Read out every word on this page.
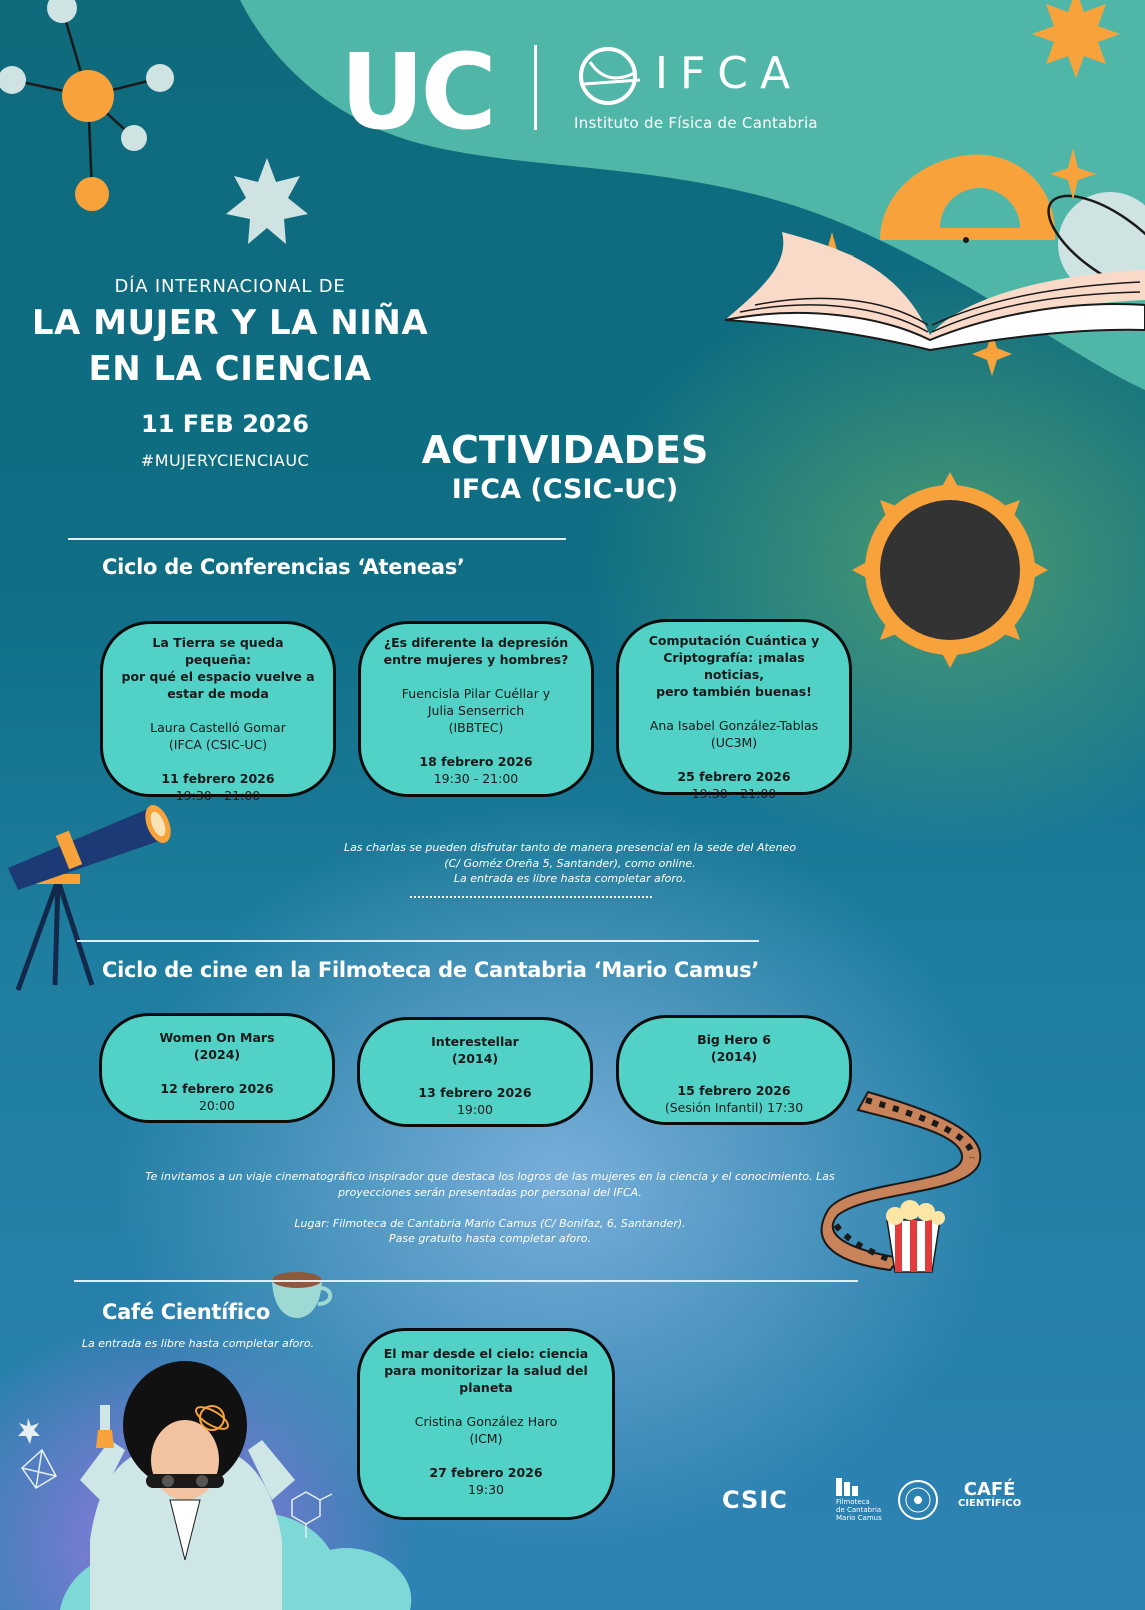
UC	IFCA
Instituto de Física de Cantabria
DÍA INTERNACIONAL DE
LA MUJER Y LA NIÑA
EN LA CIENCIA
11 FEB 2026
#MUJERYCIENCIAUC	ACTIVIDADES
IFCA (CSIC-UC)
Ciclo de Conferencias ‘Ateneas’
La Tierra se queda pequeña:
por qué el espacio vuelve a
estar de moda
Laura Castelló Gomar
(IFCA (CSIC-UC)
11 febrero 2026
19:30 - 21:00
¿Es diferente la depresión
entre mujeres y hombres?
Fuencisla Pilar Cuéllar y
Julia Senserrich
(IBBTEC)
18 febrero 2026
19:30 - 21:00
Computación Cuántica y
Criptografía: ¡malas noticias,
pero también buenas!
Ana Isabel González-Tablas
(UC3M)
25 febrero 2026
19:30 - 21:00
Las charlas se pueden disfrutar tanto de manera presencial en la sede del Ateneo
(C/ Goméz Oreña 5, Santander), como online.
La entrada es libre hasta completar aforo.
Ciclo de cine en la Filmoteca de Cantabria ‘Mario Camus’
Women On Mars
(2024)
12 febrero 2026
20:00
Interestellar
(2014)
13 febrero 2026
19:00
Big Hero 6
(2014)
15 febrero 2026
(Sesión Infantil) 17:30
Te invitamos a un viaje cinematográfico inspirador que destaca los logros de las mujeres en la ciencia y el conocimiento. Las
proyecciones serán presentadas por personal del IFCA.
Lugar: Filmoteca de Cantabria Mario Camus (C/ Bonifaz, 6, Santander).
Pase gratuito hasta completar aforo.
Café Científico
La entrada es libre hasta completar aforo.
El mar desde el cielo: ciencia
para monitorizar la salud del
planeta
Cristina González Haro
(ICM)
27 febrero 2026
19:30	CSIC	Filmoteca
de Cantabria
Mario Camus
CAFÉ
CIENTÍFICO
